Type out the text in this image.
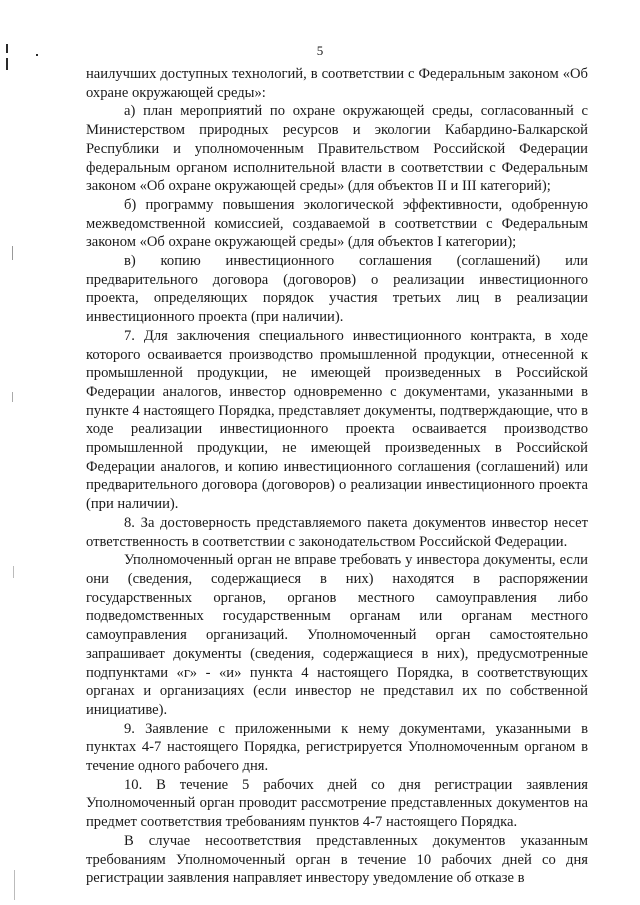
5

наилучших доступных технологий, в соответствии с Федеральным законом «Об охране окружающей среды»:

а) план мероприятий по охране окружающей среды, согласованный с Министерством природных ресурсов и экологии Кабардино-Балкарской Республики и уполномоченным Правительством Российской Федерации федеральным органом исполнительной власти в соответствии с Федеральным законом «Об охране окружающей среды» (для объектов II и III категорий);

б) программу повышения экологической эффективности, одобренную межведомственной комиссией, создаваемой в соответствии с Федеральным законом «Об охране окружающей среды» (для объектов I категории);

в) копию инвестиционного соглашения (соглашений) или предварительного договора (договоров) о реализации инвестиционного проекта, определяющих порядок участия третьих лиц в реализации инвестиционного проекта (при наличии).

7. Для заключения специального инвестиционного контракта, в ходе которого осваивается производство промышленной продукции, отнесенной к промышленной продукции, не имеющей произведенных в Российской Федерации аналогов, инвестор одновременно с документами, указанными в пункте 4 настоящего Порядка, представляет документы, подтверждающие, что в ходе реализации инвестиционного проекта осваивается производство промышленной продукции, не имеющей произведенных в Российской Федерации аналогов, и копию инвестиционного соглашения (соглашений) или предварительного договора (договоров) о реализации инвестиционного проекта (при наличии).

8. За достоверность представляемого пакета документов инвестор несет ответственность в соответствии с законодательством Российской Федерации.

Уполномоченный орган не вправе требовать у инвестора документы, если они (сведения, содержащиеся в них) находятся в распоряжении государственных органов, органов местного самоуправления либо подведомственных государственным органам или органам местного самоуправления организаций. Уполномоченный орган самостоятельно запрашивает документы (сведения, содержащиеся в них), предусмотренные подпунктами «г» - «и» пункта 4 настоящего Порядка, в соответствующих органах и организациях (если инвестор не представил их по собственной инициативе).

9. Заявление с приложенными к нему документами, указанными в пунктах 4-7 настоящего Порядка, регистрируется Уполномоченным органом в течение одного рабочего дня.

10. В течение 5 рабочих дней со дня регистрации заявления Уполномоченный орган проводит рассмотрение представленных документов на предмет соответствия требованиям пунктов 4-7 настоящего Порядка.

В случае несоответствия представленных документов указанным требованиям Уполномоченный орган в течение 10 рабочих дней со дня регистрации заявления направляет инвестору уведомление об отказе в
